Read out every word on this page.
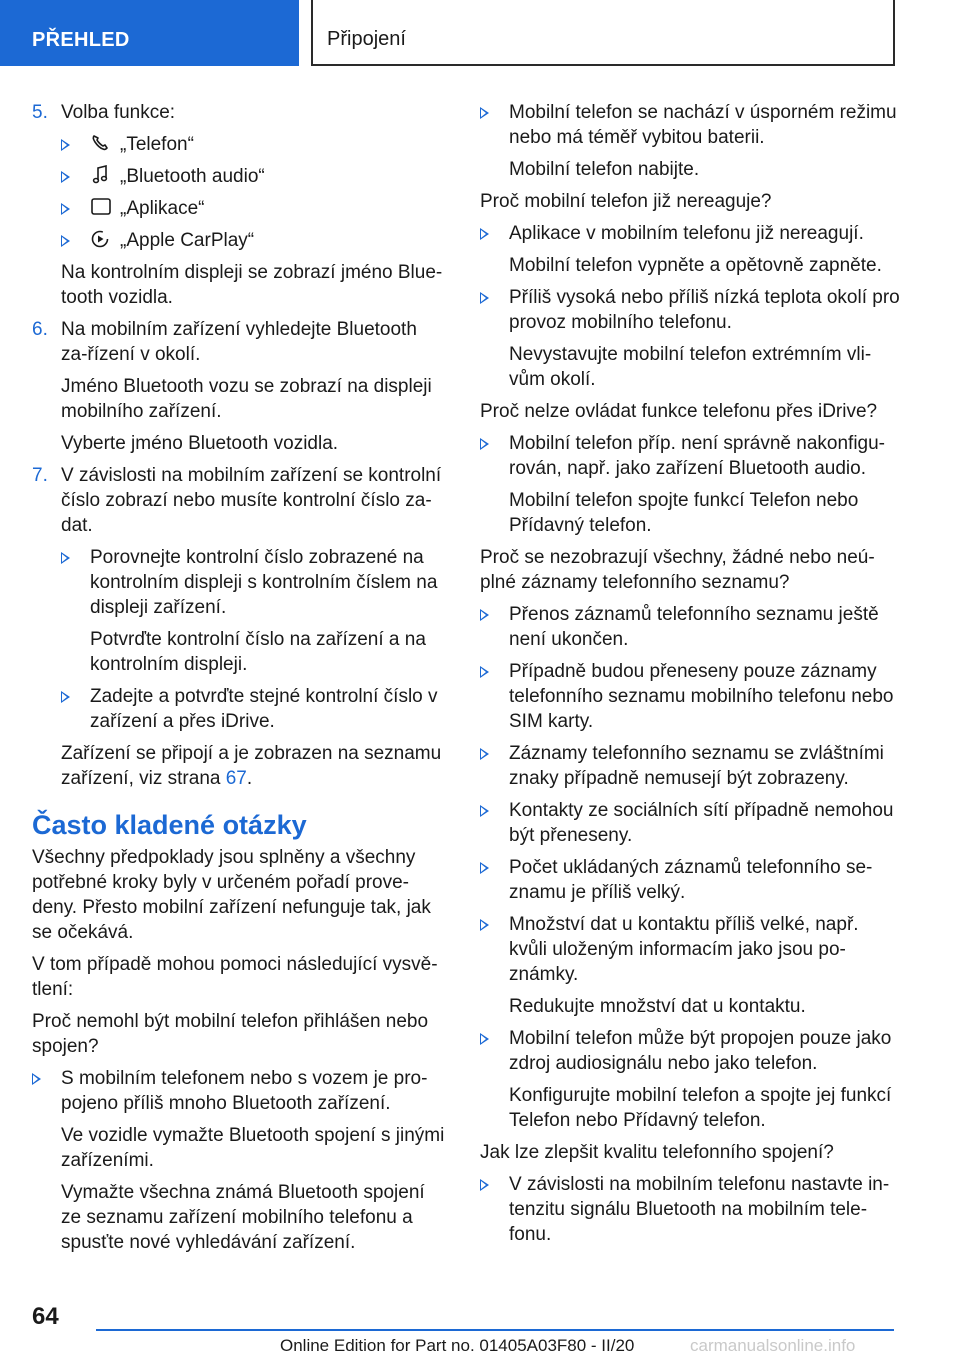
PŘEHLED	Připojení
5. Volba funkce:
„Telefon“
„Bluetooth audio“
„Aplikace“
„Apple CarPlay“
Na kontrolním displeji se zobrazí jméno Blue-tooth vozidla.
6. Na mobilním zařízení vyhledejte Bluetooth za-řízení v okolí.
Jméno Bluetooth vozu se zobrazí na displeji mobilního zařízení.
Vyberte jméno Bluetooth vozidla.
7. V závislosti na mobilním zařízení se kontrolní číslo zobrazí nebo musíte kontrolní číslo za-dat.
Porovnejte kontrolní číslo zobrazené na kontrolním displeji s kontrolním číslem na displeji zařízení.
Potvrďte kontrolní číslo na zařízení a na kontrolním displeji.
Zadejte a potvrďte stejné kontrolní číslo v zařízení a přes iDrive.
Zařízení se připojí a je zobrazen na seznamu zařízení, viz strana 67.
Často kladené otázky
Všechny předpoklady jsou splněny a všechny potřebné kroky byly v určeném pořadí prove-deny. Přesto mobilní zařízení nefunguje tak, jak se očekává.
V tom případě mohou pomoci následující vysvě-tlení:
Proč nemohl být mobilní telefon přihlášen nebo spojen?
S mobilním telefonem nebo s vozem je pro-pojeno příliš mnoho Bluetooth zařízení.
Ve vozidle vymažte Bluetooth spojení s jinými zařízeními.
Vymažte všechna známá Bluetooth spojení ze seznamu zařízení mobilního telefonu a spusťte nové vyhledávání zařízení.
Mobilní telefon se nachází v úsporném režimu nebo má téměř vybitou baterii.
Mobilní telefon nabijte.
Proč mobilní telefon již nereaguje?
Aplikace v mobilním telefonu již nereagují.
Mobilní telefon vypněte a opětovně zapněte.
Příliš vysoká nebo příliš nízká teplota okolí pro provoz mobilního telefonu.
Nevystavujte mobilní telefon extrémním vli-vům okolí.
Proč nelze ovládat funkce telefonu přes iDrive?
Mobilní telefon příp. není správně nakonfigu-rován, např. jako zařízení Bluetooth audio.
Mobilní telefon spojte funkcí Telefon nebo Přídavný telefon.
Proč se nezobrazují všechny, žádné nebo neú-plné záznamy telefonního seznamu?
Přenos záznamů telefonního seznamu ještě není ukončen.
Případně budou přeneseny pouze záznamy telefonního seznamu mobilního telefonu nebo SIM karty.
Záznamy telefonního seznamu se zvláštními znaky případně nemusejí být zobrazeny.
Kontakty ze sociálních sítí případně nemohou být přeneseny.
Počet ukládaných záznamů telefonního se-znamu je příliš velký.
Množství dat u kontaktu příliš velké, např. kvůli uloženým informacím jako jsou po-známky.
Redukujte množství dat u kontaktu.
Mobilní telefon může být propojen pouze jako zdroj audiosignálu nebo jako telefon.
Konfigurujte mobilní telefon a spojte jej funkcí Telefon nebo Přídavný telefon.
Jak lze zlepšit kvalitu telefonního spojení?
V závislosti na mobilním telefonu nastavte in-tenzitu signálu Bluetooth na mobilním tele-fonu.
64
Online Edition for Part no. 01405A03F80 - II/20	carmanualsonline.info
